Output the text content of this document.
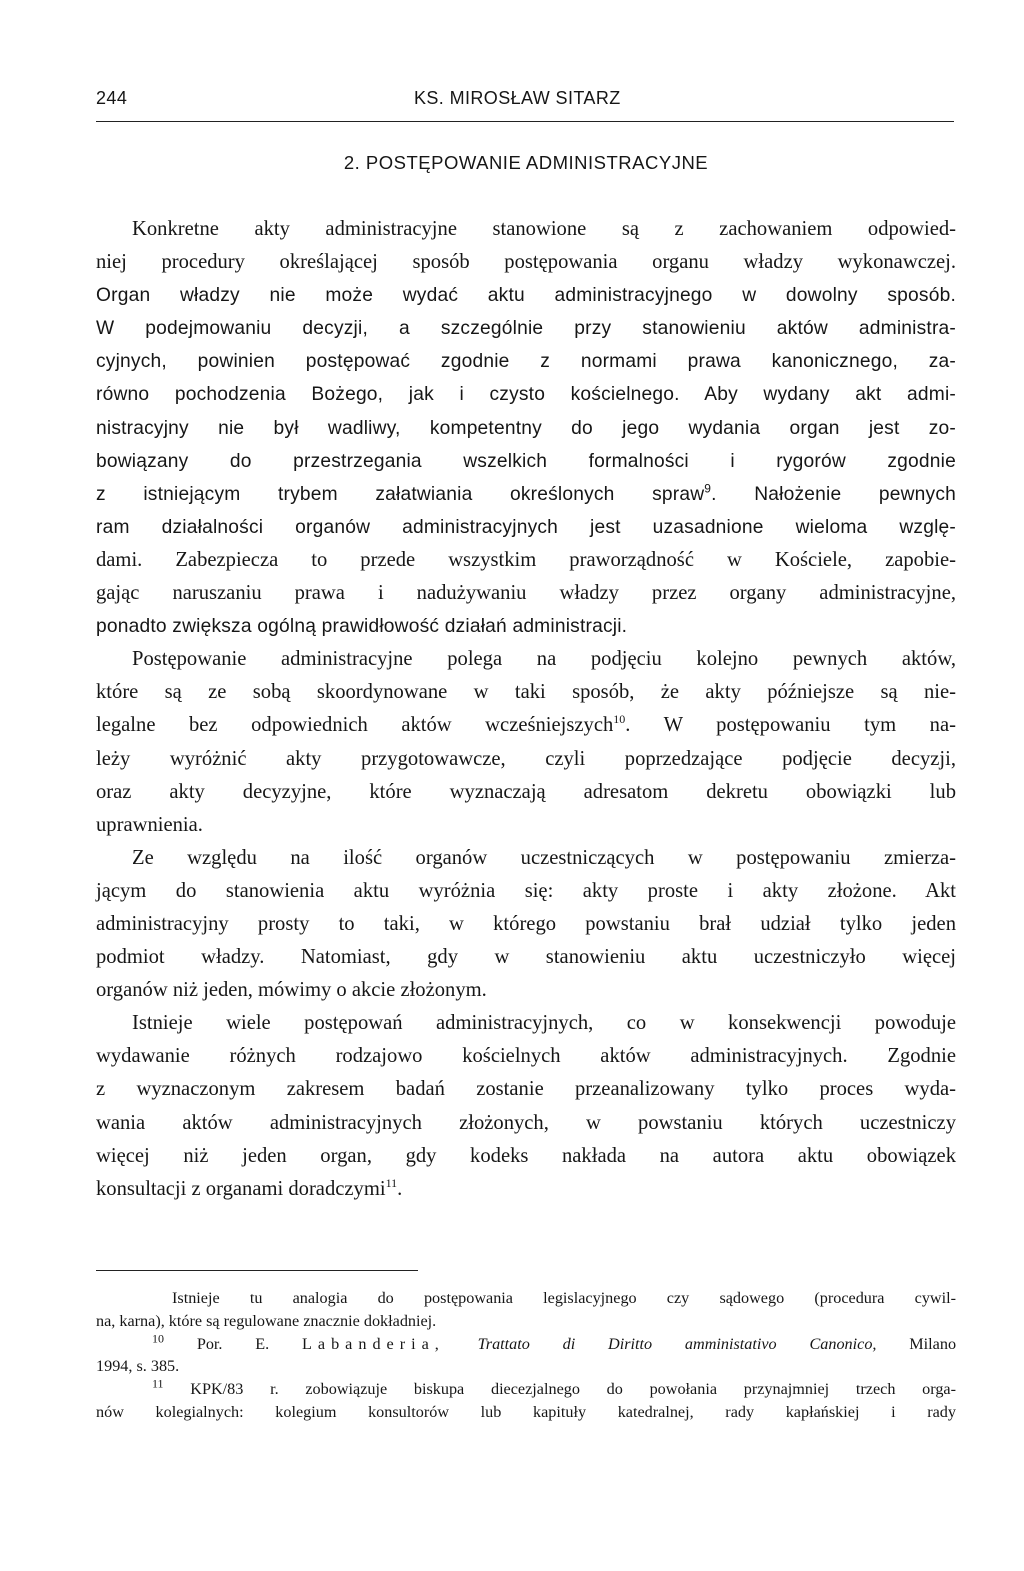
244	KS. MIROSŁAW SITARZ
2. POSTĘPOWANIE ADMINISTRACYJNE
Konkretne akty administracyjne stanowione są z zachowaniem odpowied-
niej procedury określającej sposób postępowania organu władzy wykonawczej.
Organ władzy nie może wydać aktu administracyjnego w dowolny sposób.
W podejmowaniu decyzji, a szczególnie przy stanowieniu aktów administra-
cyjnych, powinien postępować zgodnie z normami prawa kanonicznego, za-
równo pochodzenia Bożego, jak i czysto kościelnego. Aby wydany akt admi-
nistracyjny nie był wadliwy, kompetentny do jego wydania organ jest zo-
bowiązany do przestrzegania wszelkich formalności i rygorów zgodnie
z istniejącym trybem załatwiania określonych spraw$^9$. Nałożenie pewnych
ram działalności organów administracyjnych jest uzasadnione wieloma wzglę-
dami. Zabezpiecza to przede wszystkim praworządność w Kościele, zapobie-
gając naruszaniu prawa i nadużywaniu władzy przez organy administracyjne,
ponadto zwiększa ogólną prawidłowość działań administracji.
Postępowanie administracyjne polega na podjęciu kolejno pewnych aktów,
które są ze sobą skoordynowane w taki sposób, że akty późniejsze są nie-
legalne bez odpowiednich aktów wcześniejszych$^{10}$. W postępowaniu tym na-
leży wyróżnić akty przygotowawcze, czyli poprzedzające podjęcie decyzji,
oraz akty decyzyjne, które wyznaczają adresatom dekretu obowiązki lub
uprawnienia.
Ze względu na ilość organów uczestniczących w postępowaniu zmierza-
jącym do stanowienia aktu wyróżnia się: akty proste i akty złożone. Akt
administracyjny prosty to taki, w którego powstaniu brał udział tylko jeden
podmiot władzy. Natomiast, gdy w stanowieniu aktu uczestniczyło więcej
organów niż jeden, mówimy o akcie złożonym.
Istnieje wiele postępowań administracyjnych, co w konsekwencji powoduje
wydawanie różnych rodzajowo kościelnych aktów administracyjnych. Zgodnie
z wyznaczonym zakresem badań zostanie przeanalizowany tylko proces wyda-
wania aktów administracyjnych złożonych, w powstaniu których uczestniczy
więcej niż jeden organ, gdy kodeks nakłada na autora aktu obowiązek
konsultacji z organami doradczymi$^{11}$.
Istnieje tu analogia do postępowania legislacyjnego czy sądowego (procedura cywil-
na, karna), które są regulowane znacznie dokładniej.
$^{10}$ Por. E. Labanderia, Trattato di Diritto amministativo Canonico, Milano
1994, s. 385.
$^{11}$ KPK/83 r. zobowiązuje biskupa diecezjalnego do powołania przynajmniej trzech orga-
nów kolegialnych: kolegium konsultorów lub kapituły katedralnej, rady kapłańskiej i rady
